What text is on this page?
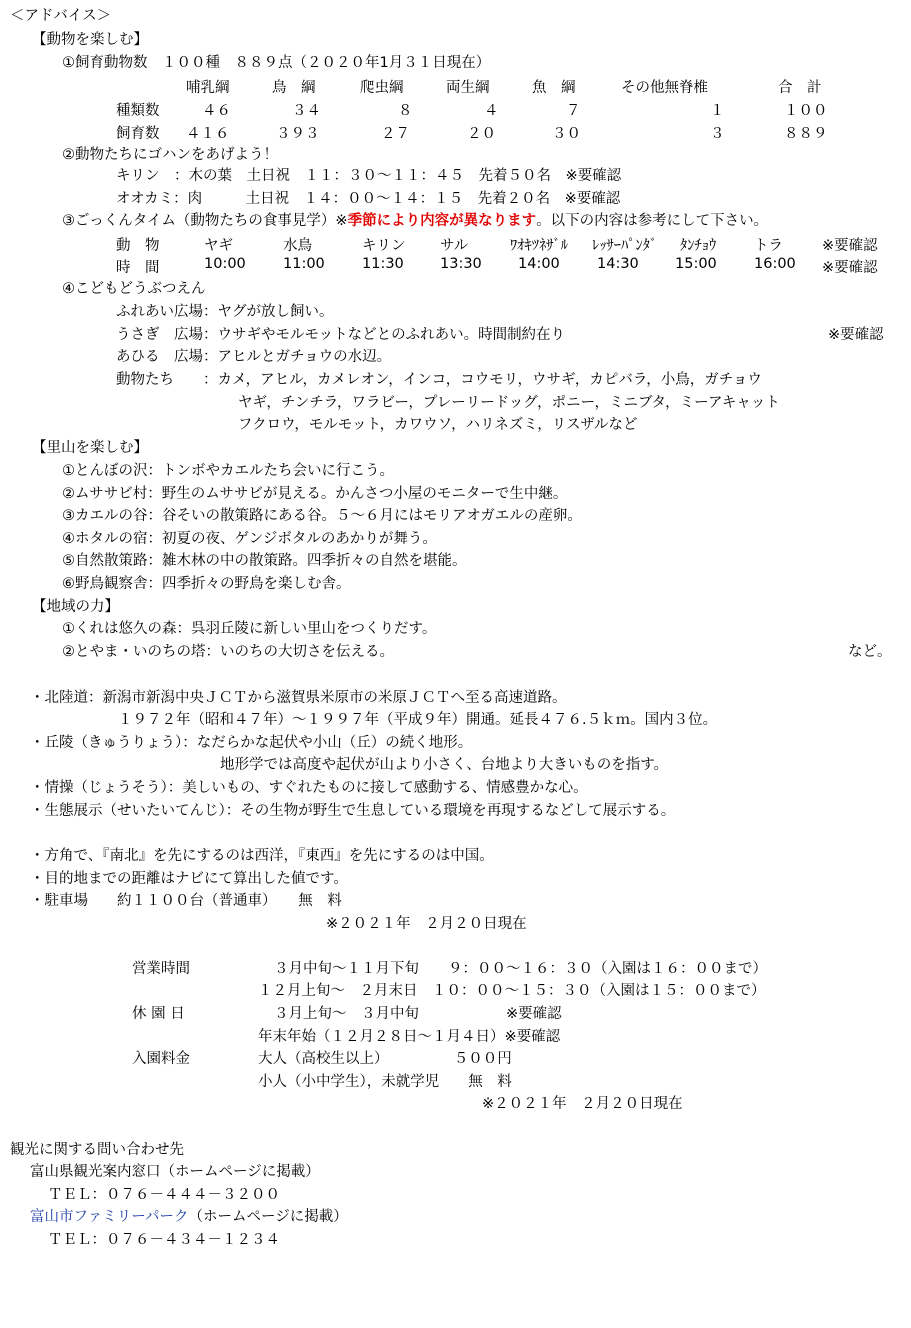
＜アドバイス＞
【動物を楽しむ】
①飼育動物数　１００種　８８９点（２０２０年1月３１日現在）
哺乳綱	鳥　綱	爬虫綱	両生綱	魚　綱	その他無脊椎	合　計
種類数	４６	３４	８	４	７	１	１００
飼育数 ４１６	３９３	２７	２０	３０	３	８８９
②動物たちにゴハンをあげよう！
キリン　：木の葉　土日祝　１１：３０～１１：４５　先着５０名　※要確認
オオカミ：肉　　　土日祝　１４：００～１４：１５　先着２０名　※要確認
③ごっくんタイム（動物たちの食事見学）※季節により内容が異なります。以下の内容は参考にして下さい。
動　物	ヤギ	水鳥	キリン サル	ﾜｵｷﾂﾈｻﾞﾙ ﾚｯｻｰﾊﾟﾝﾀﾞ ﾀﾝﾁｮｳ	トラ	※要確認
時　間	10:00	11:00	11:30 13:30 14:00	14:30 15:00	16:00 ※要確認
④こどもどうぶつえん
ふれあい広場：ヤグが放し飼い。
うさぎ　広場：ウサギやモルモットなどとのふれあい。時間制約在り	※要確認
あひる　広場：アヒルとガチョウの水辺。
動物たち　　：カメ，アヒル，カメレオン，インコ，コウモリ，ウサギ，カピバラ，小鳥，ガチョウ
ヤギ，チンチラ，ワラビー，プレーリードッグ，ポニー，ミニブタ，ミーアキャット
フクロウ，モルモット，カワウソ，ハリネズミ，リスザルなど
【里山を楽しむ】
①とんぼの沢：トンボやカエルたち会いに行こう。
②ムササビ村：野生のムササビが見える。かんさつ小屋のモニターで生中継。
③カエルの谷：谷そいの散策路にある谷。５～６月にはモリアオガエルの産卵。
④ホタルの宿：初夏の夜、ゲンジボタルのあかりが舞う。
⑤自然散策路：雑木林の中の散策路。四季折々の自然を堪能。
⑥野鳥観察舎：四季折々の野鳥を楽しむ舎。
【地域の力】
①くれは悠久の森：呉羽丘陵に新しい里山をつくりだす。
②とやま・いのちの塔：いのちの大切さを伝える。	など。
・北陸道：新潟市新潟中央ＪＣＴから滋賀県米原市の米原ＪＣＴへ至る高速道路。
１９７２年（昭和４７年）～１９９７年（平成９年）開通。延長４７６.５ｋｍ。国内３位。
・丘陵（きゅうりょう）：なだらかな起伏や小山（丘）の続く地形。
地形学では高度や起伏が山より小さく、台地より大きいものを指す。
・情操（じょうそう）：美しいもの、すぐれたものに接して感動する、情感豊かな心。
・生態展示（せいたいてんじ）：その生物が野生で生息している環境を再現するなどして展示する。
・方角で、『南北』を先にするのは西洋，『東西』を先にするのは中国。
・目的地までの距離はナビにて算出した値です。
・駐車場　　約１１００台（普通車）　　無　料
※２０２１年　２月２０日現在
営業時間	３月中旬～１１月下旬　　９：００～１６：３０（入園は１６：００まで）
１２月上旬～　２月末日　１０：００～１５：３０（入園は１５：００まで）
休 園 日	３月上旬～　３月中旬　　　　　　※要確認
年末年始（１２月２８日～１月４日）※要確認
入園料金	大人（高校生以上）　　　　　５００円
小人（小中学生），未就学児　　無　料
※２０２１年　２月２０日現在
観光に関する問い合わせ先
富山県観光案内窓口（ホームページに掲載）
ＴＥＬ：０７６－４４４－３２００
富山市ファミリーパーク（ホームページに掲載）
ＴＥＬ：０７６－４３４－１２３４
